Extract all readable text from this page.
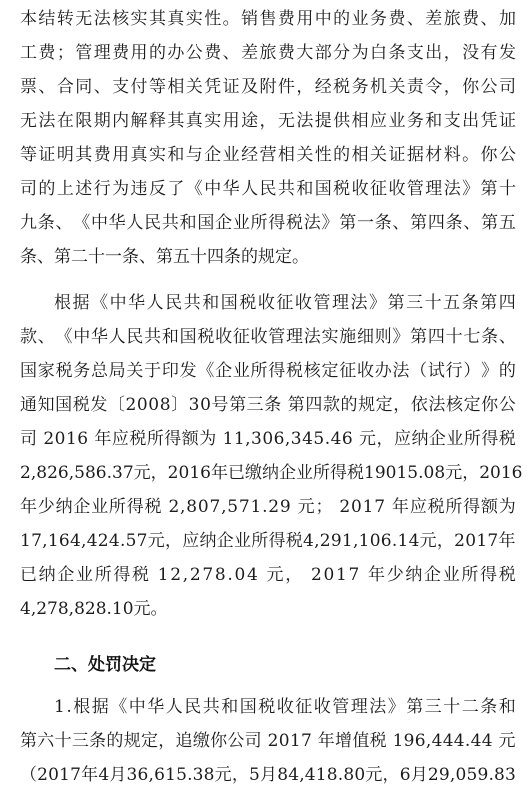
本 结 转 无 法 核 实 其 真 实 性 。 销 售 费 用 中 的 业 务 费 、 差 旅 费 、 加
工 费 ； 管 理 费 用 的 办 公 费 、 差 旅 费 大 部 分 为 白 条 支 出 ， 没 有 发
票 、 合 同 、 支 付 等 相 关 凭 证 及 附 件 ， 经 税 务 机 关 责 令 ， 你 公 司
无 法 在 限 期 内 解 释 其 真 实 用 途 ， 无 法 提 供 相 应 业 务 和 支 出 凭 证
等 证 明 其 费 用 真 实 和 与 企 业 经 营 相 关 性 的 相 关 证 据 材 料 。 你 公
司 的 上 述 行 为 违 反 了 《 中 华 人 民 共 和 国 税 收 征 收 管 理 法 》 第 十
九 条 、 《 中 华 人 民 共 和 国 企 业 所 得 税 法 》 第 一 条 、 第 四 条 、 第 五
条、第二十一条、第五十四条的规定。
根 据 《 中 华 人 民 共 和 国 税 收 征 收 管 理 法 》 第 三 十 五 条 第 四
款 、 《 中 华 人 民 共 和 国 税 收 征 收 管 理 法 实 施 细 则 》 第 四 十 七 条 、
国 家 税 务 总 局 关 于 印 发 《 企 业 所 得 税 核 定 征 收 办 法 （ 试 行 ） 》 的
通 知 国 税 发 〔 2 0 0 8 〕 3 0 号 第 三 条
第 四 款 的 规 定 ， 依 法 核 定 你 公
司
2 0 1 6
年 应 税 所 得 额 为
1 1 , 3 0 6 , 3 4 5 . 4 6
元 ， 应 纳 企 业 所 得 税
2 , 8 2 6 , 5 8 6 . 3 7 元 ， 2 0 1 6 年 已 缴 纳 企 业 所 得 税 1 9 0 1 5 . 0 8 元 ， 2 0 1 6
年 少 纳 企 业 所 得 税
2 , 8 0 7 , 5 7 1 . 2 9
元 ；
2 0 1 7
年 应 税 所 得 额 为
1 7 , 1 6 4 , 4 2 4 . 5 7 元 ， 应 纳 企 业 所 得 税 4 , 2 9 1 , 1 0 6 . 1 4 元 ， 2 0 1 7 年
已 纳 企 业 所 得 税
1 2 , 2 7 8 . 0 4
元 ，
2 0 1 7
年 少 纳 企 业 所 得 税
4,278,828.10元。
二、处罚决定
1 . 根 据 《 中 华 人 民 共 和 国 税 收 征 收 管 理 法 》 第 三 十 二 条 和
第 六 十 三 条 的 规 定 ， 追 缴 你 公 司
2 0 1 7
年 增 值 税
1 9 6 , 4 4 4 . 4 4
元
（ 2 0 1 7 年 4 月 3 6 , 6 1 5 . 3 8 元 ， 5 月 8 4 , 4 1 8 . 8 0 元 ， 6 月 2 9 , 0 5 9 . 8 3
